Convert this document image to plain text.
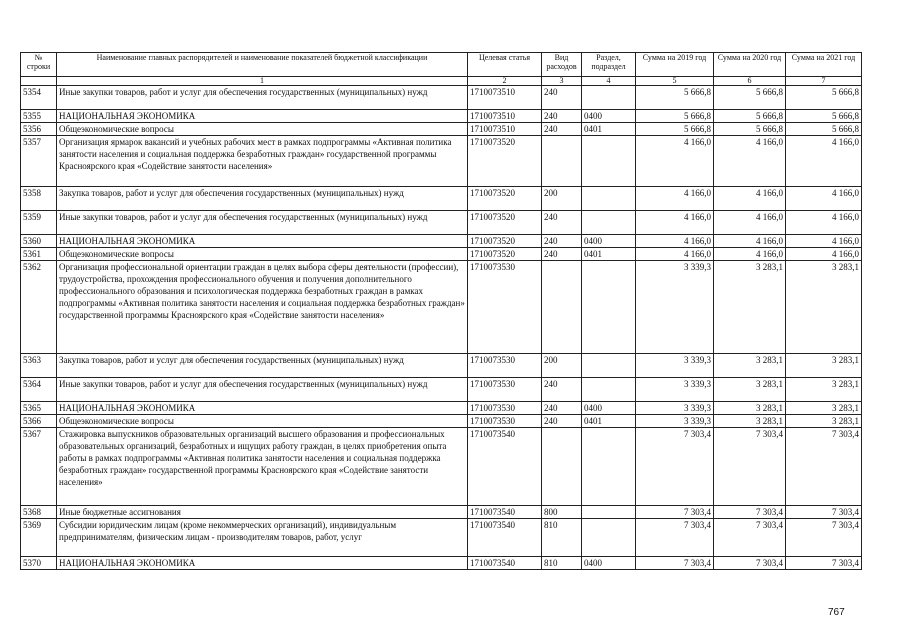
№ строки	Наименование главных распорядителей и наименование показателей бюджетной классификации	Целевая статья	Вид расходов	Раздел, подраздел	Сумма на 2019 год	Сумма на 2020 год	Сумма на 2021 год
	1	2	3	4	5	6	7
5354	Иные закупки товаров, работ и услуг для обеспечения государственных (муниципальных) нужд	1710073510	240		5 666,8	5 666,8	5 666,8
5355	НАЦИОНАЛЬНАЯ ЭКОНОМИКА	1710073510	240	0400	5 666,8	5 666,8	5 666,8
5356	Общеэкономические вопросы	1710073510	240	0401	5 666,8	5 666,8	5 666,8
5357	Организация ярмарок вакансий и учебных рабочих мест в рамках подпрограммы «Активная политика занятости населения и социальная поддержка безработных граждан» государственной программы Красноярского края «Содействие занятости населения»	1710073520			4 166,0	4 166,0	4 166,0
5358	Закупка товаров, работ и услуг для обеспечения государственных (муниципальных) нужд	1710073520	200		4 166,0	4 166,0	4 166,0
5359	Иные закупки товаров, работ и услуг для обеспечения государственных (муниципальных) нужд	1710073520	240		4 166,0	4 166,0	4 166,0
5360	НАЦИОНАЛЬНАЯ ЭКОНОМИКА	1710073520	240	0400	4 166,0	4 166,0	4 166,0
5361	Общеэкономические вопросы	1710073520	240	0401	4 166,0	4 166,0	4 166,0
5362	Организация профессиональной ориентации граждан в целях выбора сферы деятельности (профессии), трудоустройства, прохождения профессионального обучения и получения дополнительного профессионального образования и психологическая поддержка безработных граждан в рамках подпрограммы «Активная политика занятости населения и социальная поддержка безработных граждан» государственной программы Красноярского края «Содействие занятости населения»	1710073530			3 339,3	3 283,1	3 283,1
5363	Закупка товаров, работ и услуг для обеспечения государственных (муниципальных) нужд	1710073530	200		3 339,3	3 283,1	3 283,1
5364	Иные закупки товаров, работ и услуг для обеспечения государственных (муниципальных) нужд	1710073530	240		3 339,3	3 283,1	3 283,1
5365	НАЦИОНАЛЬНАЯ ЭКОНОМИКА	1710073530	240	0400	3 339,3	3 283,1	3 283,1
5366	Общеэкономические вопросы	1710073530	240	0401	3 339,3	3 283,1	3 283,1
5367	Стажировка выпускников образовательных организаций высшего образования и профессиональных образовательных организаций, безработных и ищущих работу граждан, в целях приобретения опыта работы в рамках подпрограммы «Активная политика занятости населения и социальная поддержка безработных граждан» государственной программы Красноярского края «Содействие занятости населения»	1710073540			7 303,4	7 303,4	7 303,4
5368	Иные бюджетные ассигнования	1710073540	800		7 303,4	7 303,4	7 303,4
5369	Субсидии юридическим лицам (кроме некоммерческих организаций), индивидуальным предпринимателям, физическим лицам - производителям товаров, работ, услуг	1710073540	810		7 303,4	7 303,4	7 303,4
5370	НАЦИОНАЛЬНАЯ ЭКОНОМИКА	1710073540	810	0400	7 303,4	7 303,4	7 303,4
767
